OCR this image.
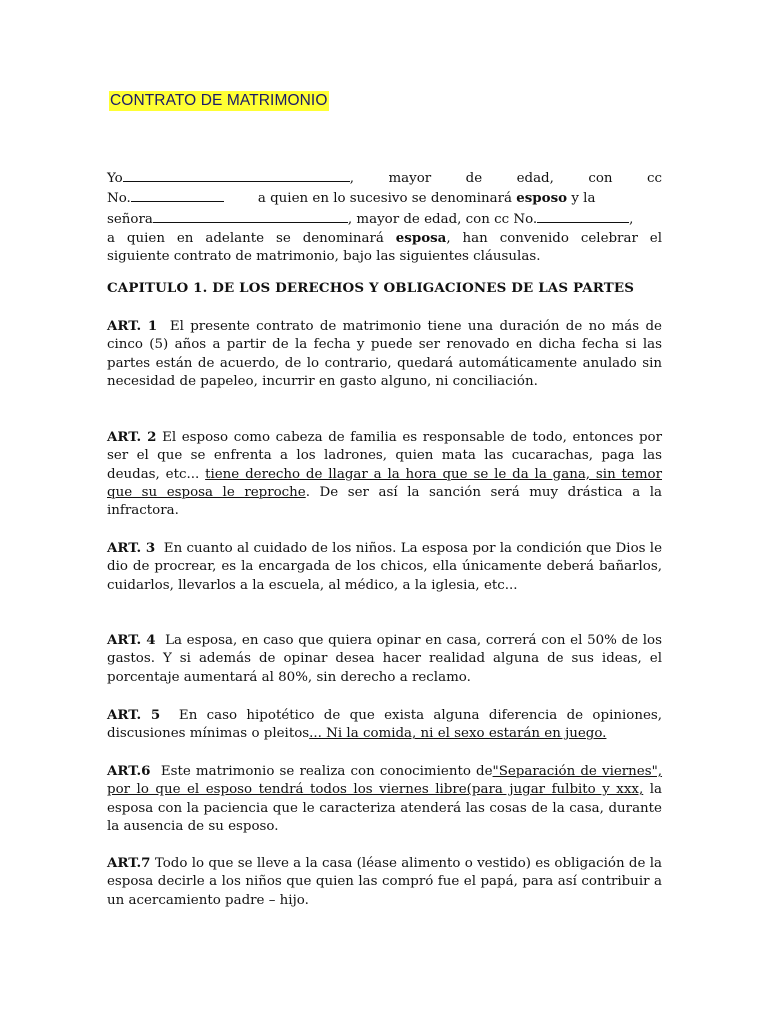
CONTRATO DE MATRIMONIO
Yo	, mayor de edad, con cc
No.	a quien en lo sucesivo se denominará esposo y la
señora	, mayor de edad, con cc No.	,
a quien en adelante se denominará esposa, han convenido celebrar el
siguiente contrato de matrimonio, bajo las siguientes cláusulas.
CAPITULO 1. DE LOS DERECHOS Y OBLIGACIONES DE LAS PARTES
ART. 1 El presente contrato de matrimonio tiene una duración de no más de cinco (5) años a partir de la fecha y puede ser renovado en dicha fecha si las partes están de acuerdo, de lo contrario, quedará automáticamente anulado sin necesidad de papeleo, incurrir en gasto alguno, ni conciliación.
ART. 2 El esposo como cabeza de familia es responsable de todo, entonces por ser el que se enfrenta a los ladrones, quien mata las cucarachas, paga las deudas, etc... tiene derecho de llagar a la hora que se le da la gana, sin temor que su esposa le reproche. De ser así la sanción será muy drástica a la infractora.
ART. 3 En cuanto al cuidado de los niños. La esposa por la condición que Dios le dio de procrear, es la encargada de los chicos, ella únicamente deberá bañarlos, cuidarlos, llevarlos a la escuela, al médico, a la iglesia, etc...
ART. 4 La esposa, en caso que quiera opinar en casa, correrá con el 50% de los gastos. Y si además de opinar desea hacer realidad alguna de sus ideas, el porcentaje aumentará al 80%, sin derecho a reclamo.
ART. 5 En caso hipotético de que exista alguna diferencia de opiniones, discusiones mínimas o pleitos... Ni la comida, ni el sexo estarán en juego.
ART.6 Este matrimonio se realiza con conocimiento de"Separación de viernes", por lo que el esposo tendrá todos los viernes libre(para jugar fulbito y xxx, la esposa con la paciencia que le caracteriza atenderá las cosas de la casa, durante la ausencia de su esposo.
ART.7 Todo lo que se lleve a la casa (léase alimento o vestido) es obligación de la esposa decirle a los niños que quien las compró fue el papá, para así contribuir a un acercamiento padre – hijo.
